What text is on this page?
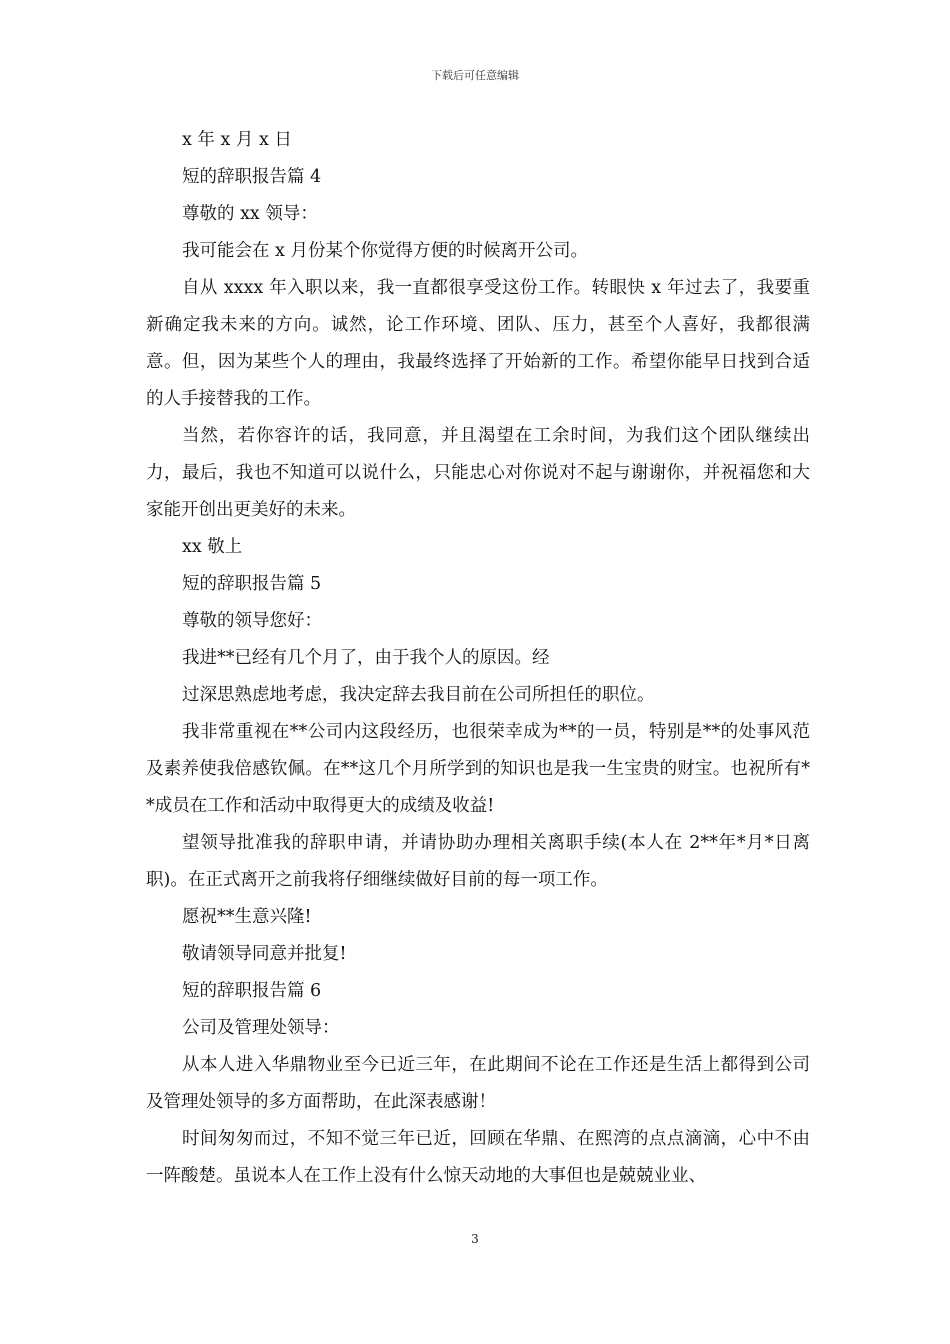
下载后可任意编辑

x 年 x 月 x 日

短的辞职报告篇 4

尊敬的 xx 领导：

我可能会在 x 月份某个你觉得方便的时候离开公司。

自从 xxxx 年入职以来，我一直都很享受这份工作。转眼快 x 年过去了，我要重新确定我未来的方向。诚然，论工作环境、团队、压力，甚至个人喜好，我都很满意。但，因为某些个人的理由，我最终选择了开始新的工作。希望你能早日找到合适的人手接替我的工作。

当然，若你容许的话，我同意，并且渴望在工余时间，为我们这个团队继续出力，最后，我也不知道可以说什么，只能忠心对你说对不起与谢谢你，并祝福您和大家能开创出更美好的未来。

xx 敬上

短的辞职报告篇 5

尊敬的领导您好：

我进**已经有几个月了，由于我个人的原因。经

过深思熟虑地考虑，我决定辞去我目前在公司所担任的职位。

我非常重视在**公司内这段经历，也很荣幸成为**的一员，特别是**的处事风范及素养使我倍感钦佩。在**这几个月所学到的知识也是我一生宝贵的财宝。也祝所有**成员在工作和活动中取得更大的成绩及收益!

望领导批准我的辞职申请，并请协助办理相关离职手续(本人在 2**年*月*日离职)。在正式离开之前我将仔细继续做好目前的每一项工作。

愿祝**生意兴隆!

敬请领导同意并批复!

短的辞职报告篇 6

公司及管理处领导：

从本人进入华鼎物业至今已近三年，在此期间不论在工作还是生活上都得到公司及管理处领导的多方面帮助，在此深表感谢！

时间匆匆而过，不知不觉三年已近，回顾在华鼎、在熙湾的点点滴滴，心中不由一阵酸楚。虽说本人在工作上没有什么惊天动地的大事但也是兢兢业业、

3
